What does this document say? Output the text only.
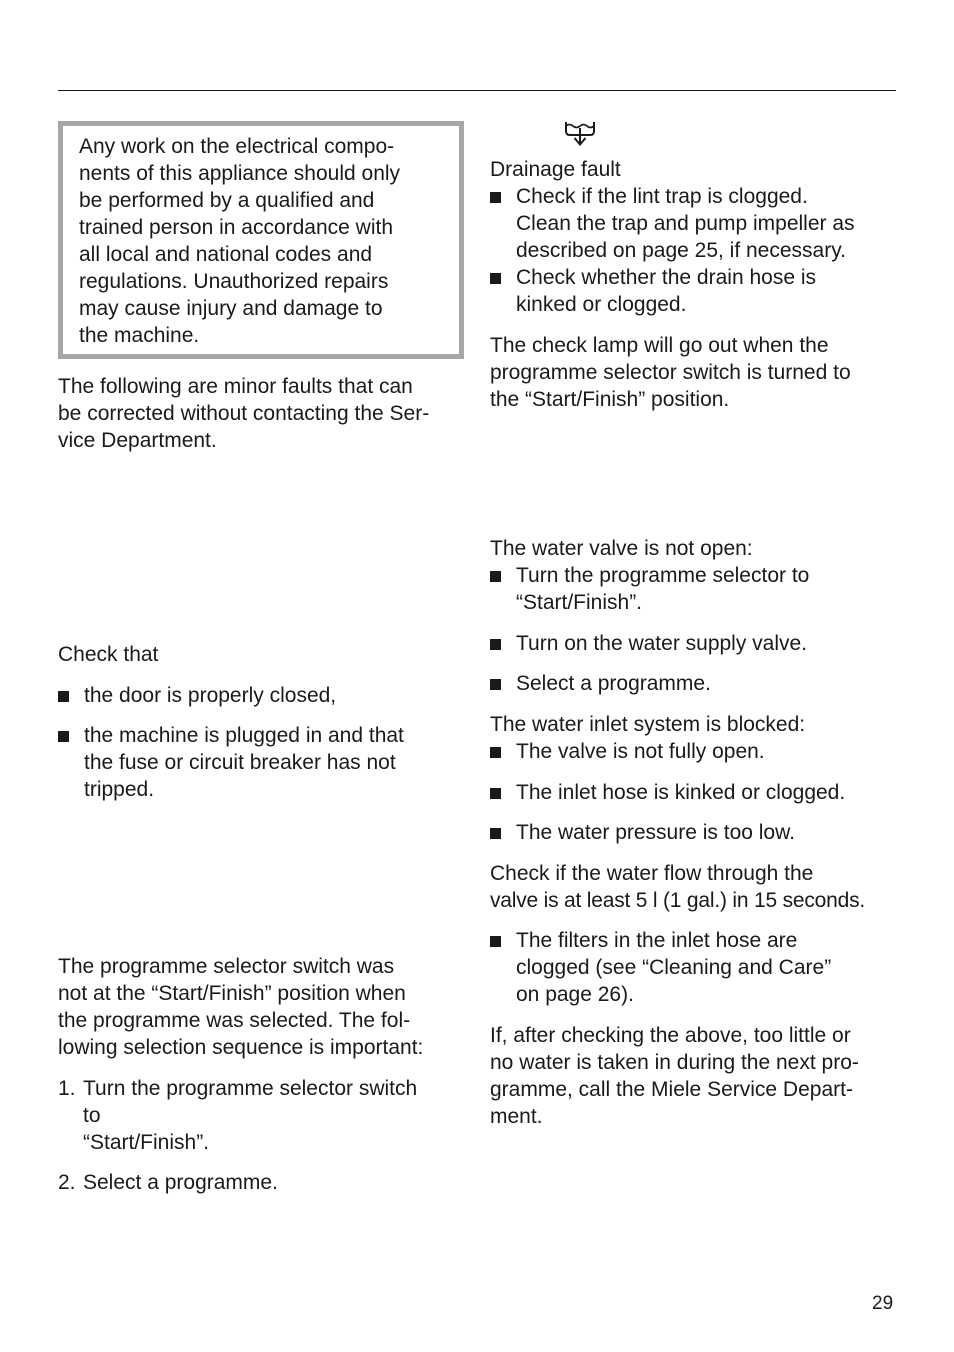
Any work on the electrical compo-

nents of this appliance should only

be performed by a qualified and

trained person in accordance with

all local and national codes and

regulations. Unauthorized repairs

may cause injury and damage to

the machine.

The following are minor faults that can

be corrected without contacting the Ser-

vice Department.

Check that

the door is properly closed,
the machine is plugged in and that
the fuse or circuit breaker has not
tripped.

The programme selector switch was

not at the “Start/Finish” position when

the programme was selected. The fol-

lowing selection sequence is important:

1. Turn the programme selector switch
to
“Start/Finish”.
2. Select a programme.

Drainage fault

Check if the lint trap is clogged.
Clean the trap and pump impeller as
described on page 25, if necessary.
Check whether the drain hose is
kinked or clogged.

The check lamp will go out when the

programme selector switch is turned to

the “Start/Finish” position.

The water valve is not open:

Turn the programme selector to
“Start/Finish”.
Turn on the water supply valve.
Select a programme.

The water inlet system is blocked:

The valve is not fully open.
The inlet hose is kinked or clogged.
The water pressure is too low.

Check if the water flow through the

valve is at least 5 l (1 gal.) in 15 seconds.

The filters in the inlet hose are
clogged (see “Cleaning and Care”
on page 26).

If, after checking the above, too little or

no water is taken in during the next pro-

gramme, call the Miele Service Depart-

ment.

29
